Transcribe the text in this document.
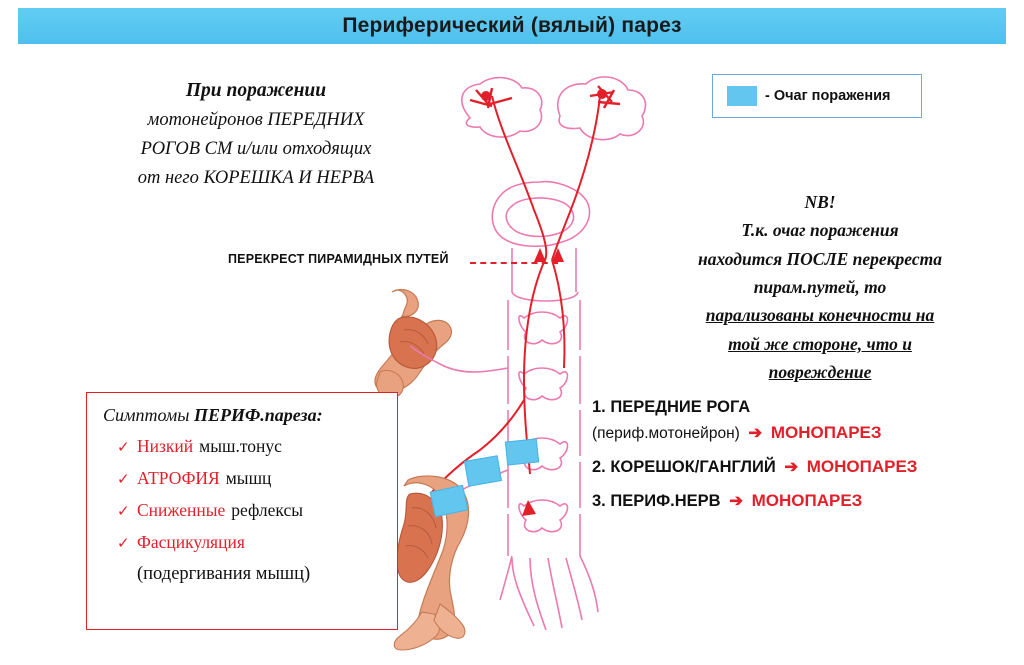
Периферический (вялый) парез
При поражении
мотонейронов ПЕРЕДНИХ
РОГОВ СМ и/или отходящих
от него КОРЕШКА И НЕРВА
- Очаг поражения
NB!
Т.к. очаг поражения
находится ПОСЛЕ перекреста
пирам.путей, то
парализованы конечности на
той же стороне, что и
повреждение
ПЕРЕКРЕСТ ПИРАМИДНЫХ ПУТЕЙ
Симптомы ПЕРИФ.пареза:
✓ Низкий мыш.тонус
✓ АТРОФИЯ мышц
✓ Сниженные рефлексы
✓ Фасцикуляция
(подергивания мышц)
1. ПЕРЕДНИЕ РОГА
(периф.мотонейрон) ➔ МОНОПАРЕЗ
2. КОРЕШОК/ГАНГЛИЙ ➔ МОНОПАРЕЗ
3. ПЕРИФ.НЕРВ ➔ МОНОПАРЕЗ
